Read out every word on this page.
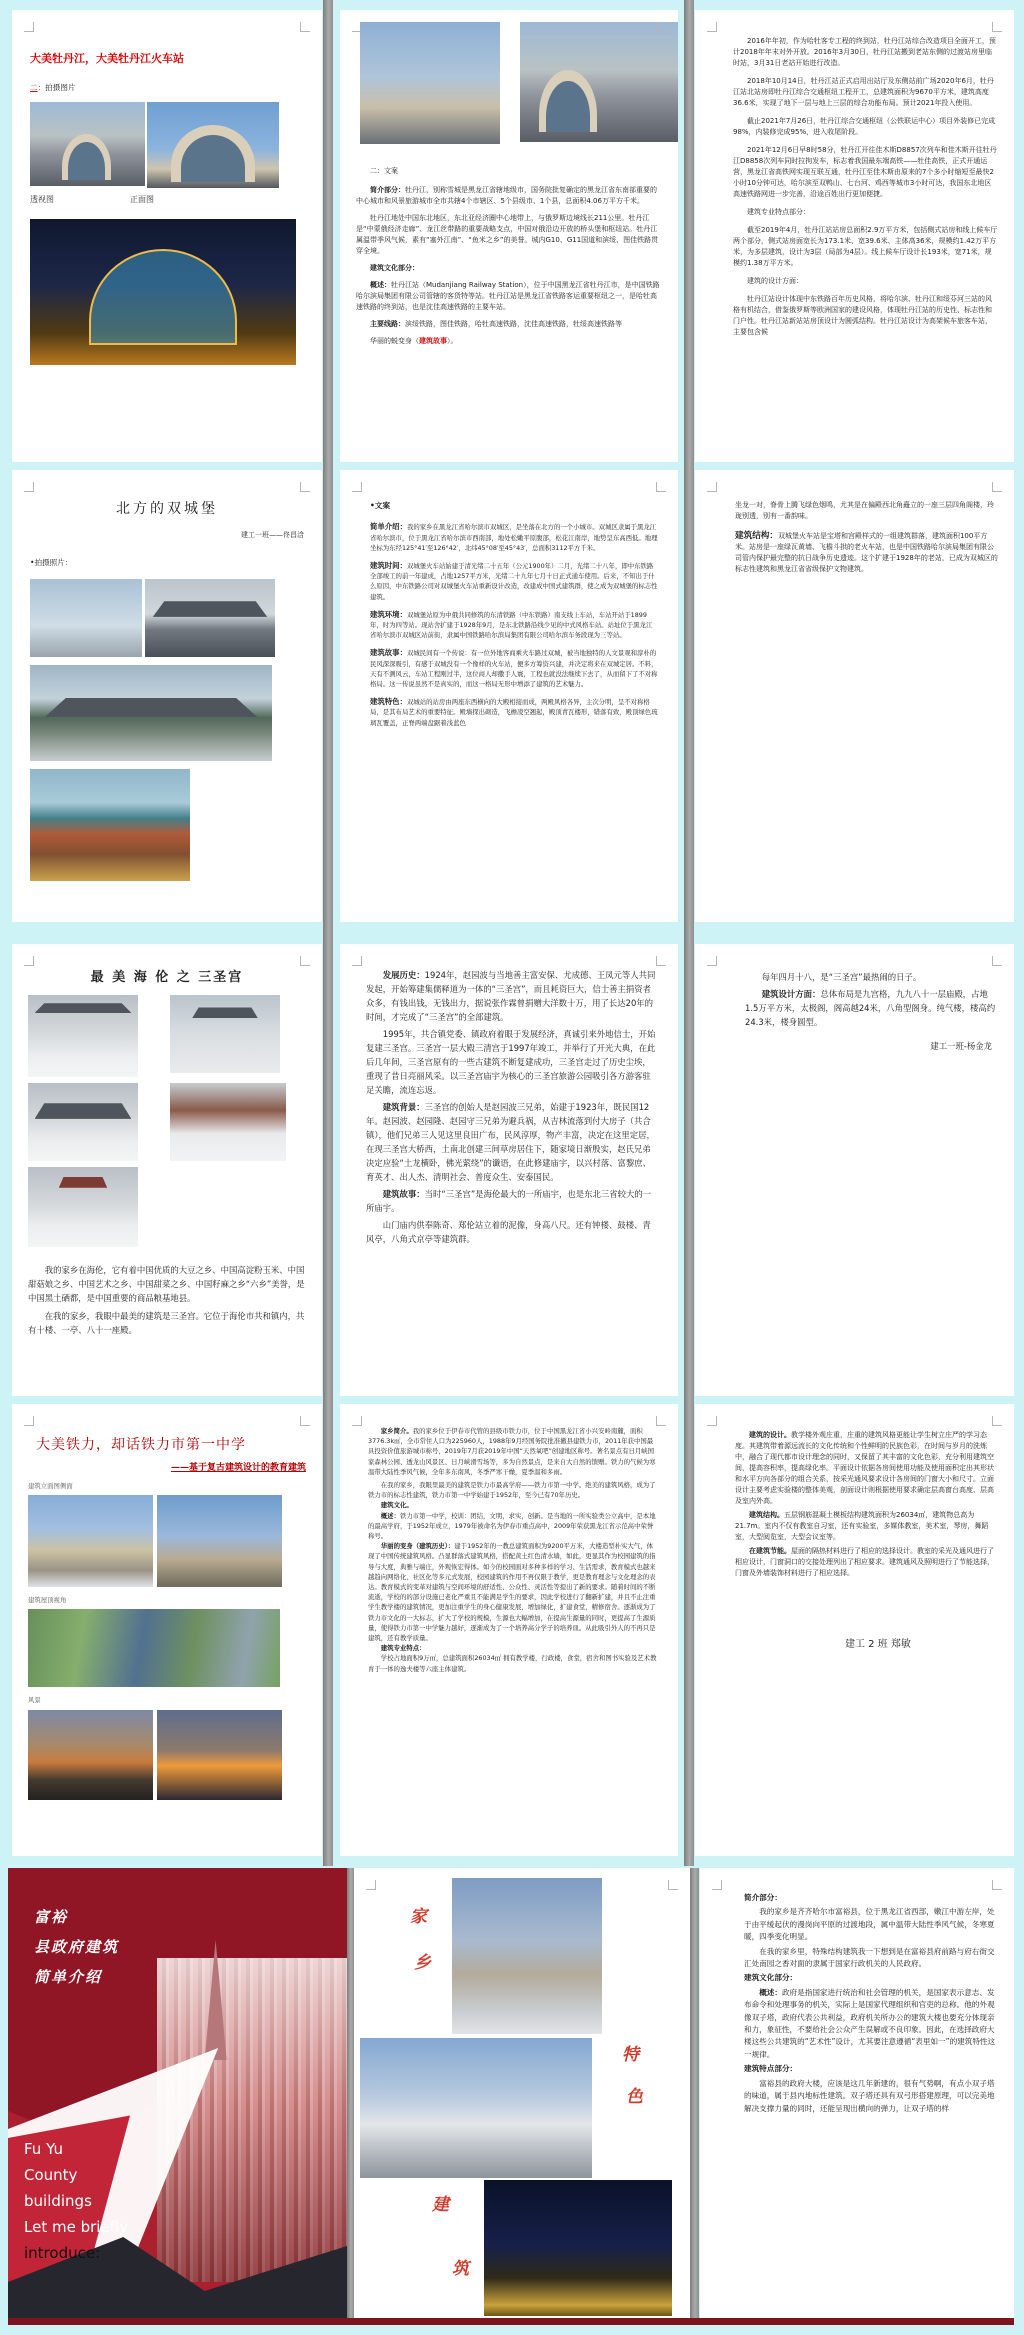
大美牡丹江，大美牡丹江火车站

二：拍摄图片

透视图	正面图

二：文案

简介部分：牡丹江，别称雪城是黑龙江省辖地级市，国务院批复确定的黑龙江省东南部重要的中心城市和风景旅游城市全市共辖4个市辖区、5个县级市、1个县，总面积4.06万平方千米。

牡丹江地处中国东北地区，东北亚经济圈中心地带上，与俄罗斯边境线长211公里。牡丹江是“中蒙俄经济走廊”、龙江丝带路的重要战略支点，中国对俄沿边开放的桥头堡和枢纽站。牡丹江属温带季风气候，素有“塞外江南”、“鱼米之乡”的美誉。城内G10、G11国道和滨绥、图佳铁路贯穿全境。

建筑文化部分：

概述：牡丹江站（Mudanjiang Railway Station），位于中国黑龙江省牡丹江市，是中国铁路哈尔滨局集团有限公司管辖的客货特等站。牡丹江站是黑龙江省铁路客运重要枢纽之一，是哈牡高速铁路的终到站，也是沈佳高速铁路的主要车站。

主要线路：滨绥铁路，图佳铁路，哈牡高速铁路，沈佳高速铁路，牡绥高速铁路等

华丽的蜕变身（建筑故事）。

2016年年初，作为哈牡客专工程的终到站，牡丹江站综合改造项目全面开工，预计2018年年末对外开放。2016年3月30日，牡丹江站搬到老站东侧的过渡站房里临时站，3月31日老站开始进行改造。

2018年10月14日，牡丹江站正式启用出站厅及东侧站前广场2020年6月，牡丹江站北站房即牡丹江综合交通枢纽工程开工，总建筑面积为9670平方米，建筑高度36.6米，实现了地下一层与地上三层的综合功能布局。预计2021年投入使用。

截止2021年7月26日，牡丹江综合交通枢纽（公铁联运中心）项目外装修已完成98%，内装修完成95%，进入收尾阶段。

2021年12月6日早8时58分，牡丹江开往佳木斯D8857次列车和佳木斯开往牡丹江D8858次列车同时拉拘发车，标志着我国最东端高铁——牡佳高铁，正式开通运营，黑龙江省高铁网实现互联互通，牡丹江至佳木斯由原来的7个多小时缩短至最快2小时10分钟可达，哈尔滨至双鸭山、七台河、鸡西等城市3小时可达，我国东北地区高速铁路网进一步完善，沿途百姓出行更加便捷。

建筑专业特点部分：

截至2019年4月，牡丹江站站房总面积2.9万平方米，包括侧式站房和线上候车厅两个部分，侧式站房面宽长为173.1米、宽39.6米、主体高36米，规模约1.42万平方米，为多层建筑，设计为3层（局部为4层）。线上候车厅设计长193米，宽71米，规模约1.38万平方米。

建筑的设计方面：

牡丹江站设计体现中东铁路百年历史风格，将哈尔滨、牡丹江和绥芬河三站的风格有机结合，借鉴俄罗斯等欧洲国家的建设风格，体现牡丹江站的历史性、标志性和门户性。牡丹江站新站站房顶设计为圆弧结构。牡丹江站设计为高架候车旅客车站，主要包含候

北方的双城堡

建工一班——佟昌浛

•拍摄照片：

•文案

简单介绍：我的家乡在黑龙江省哈尔滨市双城区，是坐落在北方的一个小城市。双城区隶属于黑龙江省哈尔滨市，位于黑龙江省哈尔滨市西南部，地处松嫩平原腹部，松花江南岸，地势呈东高西低。地理坐标为东经125°41′至126°42′，北纬45°08′至45°43′，总面积3112平方千米。

建筑时间：双城堡火车站始建于清光绪二十五年（公元1900年）二月，光绪二十八年，即中东铁路全部竣工的前一年建成，占地1257平方米，光绪二十九年七月十日正式通车使用。后来，不知出于什么原因，中东铁路公司对双城堡火车站重新设计改造，改建成中国式建筑群，使之成为双城堡的标志性建筑。

建筑环境：双城堡站原为中俄共同修筑的东清铁路（中东铁路）南支线上车站，车站开站于1899年，时为四等站。现站舍扩建于1928年9月，是东北铁路沿线少见的中式风格车站。站址位于黑龙江省哈尔滨市双城区站前街，隶属中国铁路哈尔滨局集团有限公司哈尔滨车务段现为三等站。

建筑故事：双城民间有一个传说：有一位外地客商乘火车路过双城，被当地独特的人文景观和淳朴的民风深深吸引，有感于双城没有一个像样的火车站，便多方筹资兴建，并决定将来在双城定居。不料，天有不测风云，车站工程刚过半，这位商人却撒手人寰，工程也就没法继续下去了，从而留下了不对称格局。这一传说虽然不是真实的，而这一格局无形中增添了建筑的艺术魅力。

建筑特色：双城站的站房由两座东西横向的大殿相接而成，两殿风格各异，主次分明，呈不对称格局，是其布局艺术的重要特征。殿墙探出砌造，飞檐凌空翘起，殿顶青瓦楼形，错落有致，殿顶绿色琉璃瓦覆盖，正脊两端盘踞着浅蓝色

坐龙一对，脊骨上腾飞绿色烟鸣，尤其是在偏殿西北角矗立的一座三层四角阁楼，玲珑别透，别有一番韵味。

建筑结构：双城堡火车站是宝塔和宫殿样式的一组建筑群落，建筑面积100平方米。站房是一座绿瓦黄墙、飞檐斗拱的老火车站，也是中国铁路哈尔滨局集团有限公司管内保护最完整的抗日战争历史遗迹。这个扩建于1928年的老站，已成为双城区的标志性建筑和黑龙江省省级保护文物建筑。

最 美 海 伦 之 三圣宫

我的家乡在海伦，它有着中国优质的大豆之乡、中国高淀粉玉米、中国甜菇娘之乡、中国艺术之乡、中国甜菜之乡、中国籽麻之乡“六乡”美誉，是中国黑土硒都，是中国重要的商品粮基地县。

在我的家乡，我眼中最美的建筑是三圣宫。它位于海伦市共和镇内，共有十楼、一亭、八十一座殿。

发展历史：1924年，赵园波与当地善主富安保、尤成德、王凤元等人共同发起，开始筹建集儒释道为一体的“三圣宫”，而且耗资巨大，信士善主捐资者众多，有钱出钱，无钱出力，据说张作霖曾捐赠大洋数十万，用了长达20年的时间，才完成了“三圣宫”的全部建筑。

1995年，共合镇党委、镇政府着眼于发展经济，真诚引来外地信士，开始复建三圣宫。三圣宫一层大殿三清宫于1997年竣工，并举行了开光大典，在此后几年间，三圣宫原有的一些古建筑不断复建成功，三圣宫走过了历史尘埃，重现了昔日亮丽风采。以三圣宫庙宇为核心的三圣宫旅游公园吸引各方游客驻足关瞻，流连忘返。

建筑背景：三圣宫的创始人是赵园波三兄弟，始建于1923年，既民国12年。赵园波、赵园隆、赵园守三兄弟为避兵祸，从吉林流落到付大房子（共合镇），他们兄弟三人见这里良田广布，民风淳厚，物产丰富，决定在这里定居，在现三圣宫大桥西，土南北创建三间草房居住下，随家境日渐殷实，赵氏兄弟决定应验“土龙横卧，佛光萦绕”的谶语，在此修建庙宇，以兴村落、富黎庶、育英才、出人杰、清明社会、普度众生、安泰国民。

建筑故事：当时“三圣宫”是海伦最大的一所庙宇，也是东北三省较大的一所庙宇。

山门庙内供奉陈奇、郑伦站立着的泥像，身高八尺。还有钟楼、鼓楼、青风亭，八角式京亭等建筑群。

每年四月十八，是“三圣宫”最热闹的日子。

建筑设计方面：总体布局是九宫格，九九八十一层庙殿，占地1.5万平方米，太极阁，阁高越24米，八角型阁身。纯气楼，楼高约24.3米，楼身圆型。

建工一班-杨金龙

大美铁力，却话铁力市第一中学

——基于复古建筑设计的教育建筑

建筑立面图侧面

建筑屋顶视角

风景

家乡简介。我的家乡位于伊春市代管的县级市铁力市，位于中国黑龙江省小兴安岭南麓，面积3776.3k㎡，全市常住人口为225960人，1988年9月经国务院批准撤县建铁力市，2011年获中国最具投资价值旅游城市称号，2019年7月获2019年中国“天然氧吧”创建地区称号。著名景点有日月峡国家森林公园、透龙山风景区、日月峡滑雪场等，多为自然景点，是来自大自然的馈赠。铁力的气候为寒温带大陆性季风气候，全年多东南风，冬季严寒干燥，夏季温和多雨。

在我的家乡，我眼里最美的建筑是铁力市最高学府——铁力市第一中学。绝美的建筑风格，成为了铁力市的标志性建筑，铁力市第一中学始建于1952年，至今已有70年历史。

建筑文化。

概述：铁力市第一中学，校训：团结，文明，求实，创新。是当地的一所实验类公立高中，是本地的最高学府，于1952年成立，1979年被命名为伊春市重点高中，2009年荣获黑龙江省示范高中荣誉称号。

华丽的变身（建筑历史）：建于1952年的一教总建筑面积为9200平万米，大楼造型朴实大气，体现了中国传统建筑风格。凸显群落式建筑风格，搭配黄土红色清水墙，如此，更显其作为校园建筑的指导与大度，典雅与端庄，外观恢宏得体。如今的校园面对多种多样的学习、生活需求，教育模式也越来越趋向网络化、社区化等多元式发展，校园建筑的作用不再仅限于教学，更是教育理念与文化理念的表达。教育模式的变革对建筑与空间环境的舒适性、公众性、灵活性等提出了新的要求。随着时间的不断流逝，学校的的部分设施已老化严重且不能满足学生的要求，因此学校进行了翻新扩建，并且不止注重学生教学楼的建筑情况，更加注重学生的身心健康发展，增加绿化，扩建食堂，精修宿舍。逐渐成为了铁力市文化的一大标志，扩大了学校的规模，生源也大幅增加，在提高生源量的同时，更提高了生源质量，使得铁力市第一中学魅力越好，逐渐成为了一个培养高分学子的培养皿。从此吸引外人的不再只是建筑，还有教学质量。

建筑专业特点：

学校占地面积9万㎡，总建筑面积26034㎡ 拥有教学楼，行政楼，食堂，宿舍和图书实验及艺术教育于一体的逸夫楼等六座主体建筑。

建筑的设计。教学楼外观庄重，庄重的建筑风格更能让学生树立庄严的学习态度。其建筑带着源远流长的文化传统和个性鲜明的民族色彩，在时间与岁月的洗炼中，融合了现代都市设计理念的同时，又保留了其丰富的文化色彩，充分利用建筑空间，提高容积率，提高绿化率。平面设计依据各房间使用功能及使用面积定出其形状和水平方向各部分的组合关系，按采光通风要求设计各房间的门窗大小和尺寸。立面设计主要考虑实验楼的整体美观，剖面设计则根据使用要求确定层高窗台高度、层高及室内外高。

建筑结构。五层钢筋混凝土模板结构建筑面积为26034㎡，建筑物总高为21.7m。室内不仅有教室自习室，还有实验室，多媒体教室，美术室，琴房，舞蹈室，大型阅览室，大型会议室等。

在建筑节能。屋面的隔热材料进行了相应的选择设计。教室的采光及通风进行了相应设计，门窗洞口的交接处理列出了相应要求。建筑通风及照明进行了节能选择，门窗及外墙装饰材料进行了相应选择。

建工 2 班 郑敏

富裕

县政府建筑

简单介绍

Fu Yu

County

buildings

Let me briefly

introduce:

家
乡
特
色
建
筑

简介部分：

我的家乡是齐齐哈尔市富裕县，位于黑龙江省西部，嫩江中游左岸，处于由平缓起伏的漫岗向平原的过渡地段，属中温带大陆性季风气候，冬寒夏暖，四季变化明显。

在我的家乡里，特殊结构建筑我一下想到是在富裕县府前路与府右街交汇处南园之香对面的隶属于国家行政机关的人民政府。

建筑文化部分：

概述：政府是指国家进行统治和社会管理的机关，是国家表示意志、发布命令和处理事务的机关，实际上是国家代理组织和官吏的总称。他的外观像双子塔，政府代表公共利益，政府机关所办公的建筑大楼也要充分体现亲和力，象征性，不要给社会公众产生误解或不良印象。因此，在选择政府大楼这些公共建筑的“艺术性”设计，尤其要注意遵循“表里如一”的建筑特性这一规律。

建筑特点部分：

富裕县的政府大楼，应该是这几年新建的，很有气势啊，有点小双子塔的味道，属于县内地标性建筑。双子塔还具有双弓形搭建原理，可以完美地解决支撑力量的同时，还能呈现出横向的弹力，让双子塔的样
